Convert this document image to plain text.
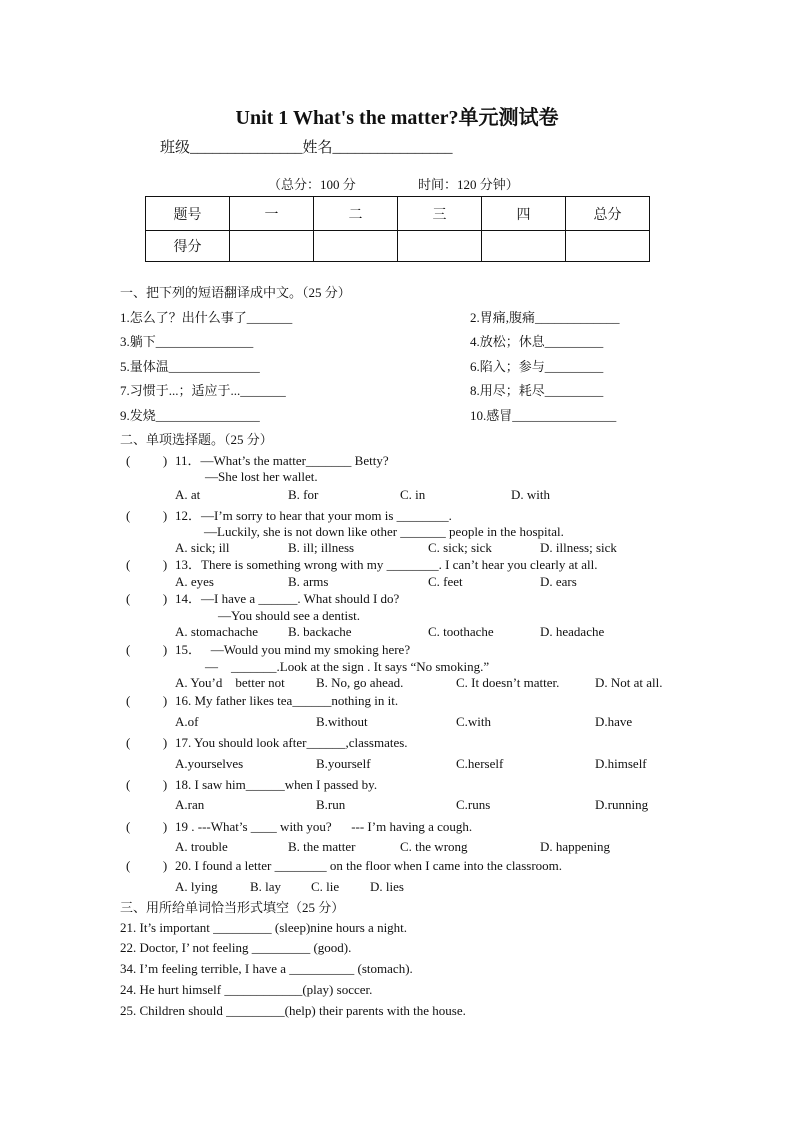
Unit 1 What's the matter?单元测试卷
班级_______________姓名________________
（总分：100 分	时间：120 分钟）
题号	一	二	三	四	总分
得分					
一、把下列的短语翻译成中文。（25 分）
1.怎么了？出什么事了_______	2.胃痛,腹痛_____________
3.躺下_______________	4.放松；休息_________
5.量体温______________	6.陷入；参与_________
7.习惯于...；适应于..._______	8.用尽；耗尽_________
9.发烧________________	10.感冒________________
二、单项选择题。（25 分）
(          ) 11．—What’s the matter_______ Betty?
—She lost her wallet.
A. at	B. for	C. in	D. with
(          ) 12．—I’m sorry to hear that your mom is ________.
—Luckily, she is not down like other _______ people in the hospital.
A. sick; ill	B. ill; illness	C. sick; sick	D. illness; sick
(          ) 13．There is something wrong with my ________. I can’t hear you clearly at all.
A. eyes	B. arms	C. feet	D. ears
(          ) 14．—I have a ______. What should I do?
—You should see a dentist.
A. stomachache B. backache	C. toothache	D. headache
(          ) 15．   —Would you mind my smoking here?
—    _______.Look at the sign . It says “No smoking.”
A. You’d    better not B. No, go ahead.	C. It doesn’t matter.	D. Not at all.
(          ) 16. My father likes tea______nothing in it.
A.of	B.without	C.with	D.have
(          ) 17. You should look after______,classmates.
A.yourselves	B.yourself	C.herself	D.himself
(          ) 18. I saw him______when I passed by.
A.ran	B.run	C.runs	D.running
(          ) 19 . ---What’s ____ with you?      --- I’m having a cough.
A. trouble	B. the matter	C. the wrong	D. happening
(          ) 20. I found a letter ________ on the floor when I came into the classroom.
A. lying B. lay C. lie D. lies
三、用所给单词恰当形式填空（25 分）
21. It’s important _________ (sleep)nine hours a night.
22. Doctor, I’ not feeling _________ (good).
34. I’m feeling terrible, I have a __________ (stomach).
24. He hurt himself ____________(play) soccer.
25. Children should _________(help) their parents with the house.
